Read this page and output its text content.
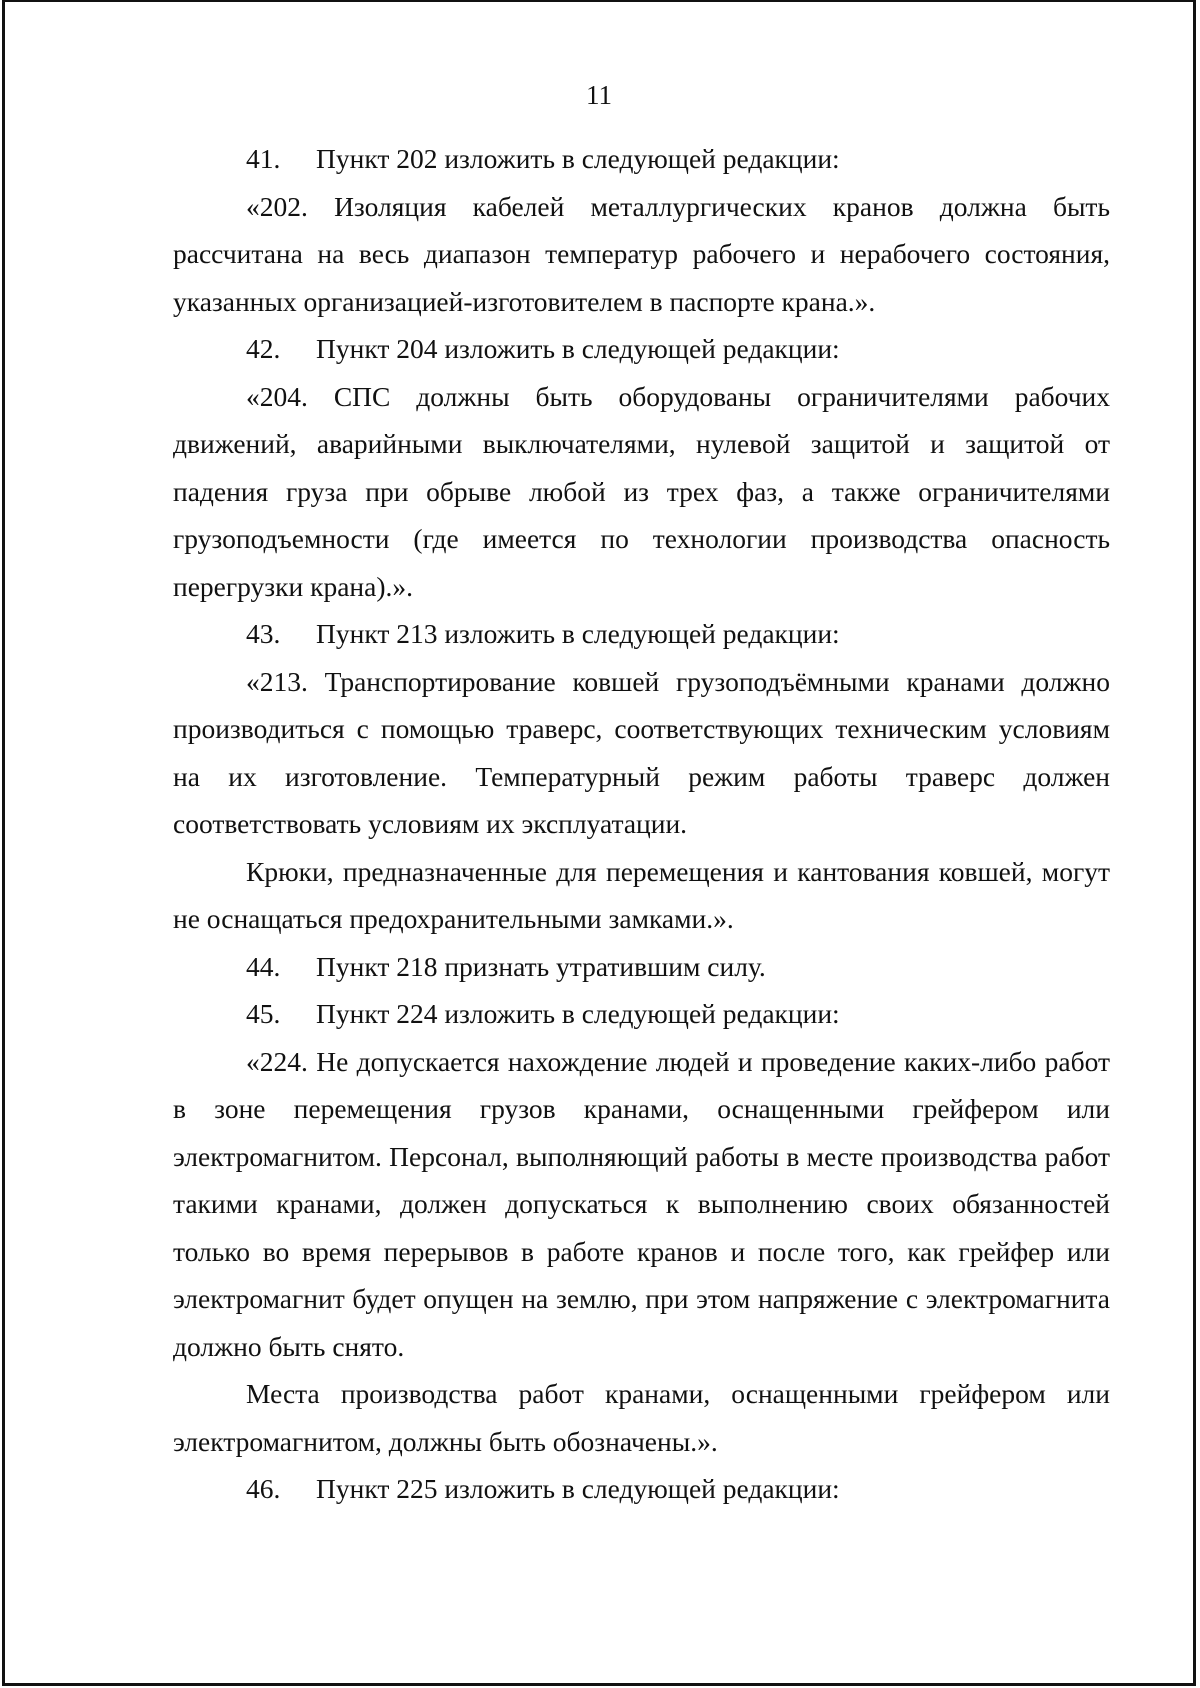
11

41. Пункт 202 изложить в следующей редакции:

«202. Изоляция кабелей металлургических кранов должна быть рассчитана на весь диапазон температур рабочего и нерабочего состояния, указанных организацией-изготовителем в паспорте крана.».

42. Пункт 204 изложить в следующей редакции:

«204. СПС должны быть оборудованы ограничителями рабочих движений, аварийными выключателями, нулевой защитой и защитой от падения груза при обрыве любой из трех фаз, а также ограничителями грузоподъемности (где имеется по технологии производства опасность перегрузки крана).».

43. Пункт 213 изложить в следующей редакции:

«213. Транспортирование ковшей грузоподъёмными кранами должно производиться с помощью траверс, соответствующих техническим условиям на их изготовление. Температурный режим работы траверс должен соответствовать условиям их эксплуатации.

Крюки, предназначенные для перемещения и кантования ковшей, могут не оснащаться предохранительными замками.».

44. Пункт 218 признать утратившим силу.

45. Пункт 224 изложить в следующей редакции:

«224. Не допускается нахождение людей и проведение каких-либо работ в зоне перемещения грузов кранами, оснащенными грейфером или электромагнитом. Персонал, выполняющий работы в месте производства работ такими кранами, должен допускаться к выполнению своих обязанностей только во время перерывов в работе кранов и после того, как грейфер или электромагнит будет опущен на землю, при этом напряжение с электромагнита должно быть снято.

Места производства работ кранами, оснащенными грейфером или электромагнитом, должны быть обозначены.».

46. Пункт 225 изложить в следующей редакции:
